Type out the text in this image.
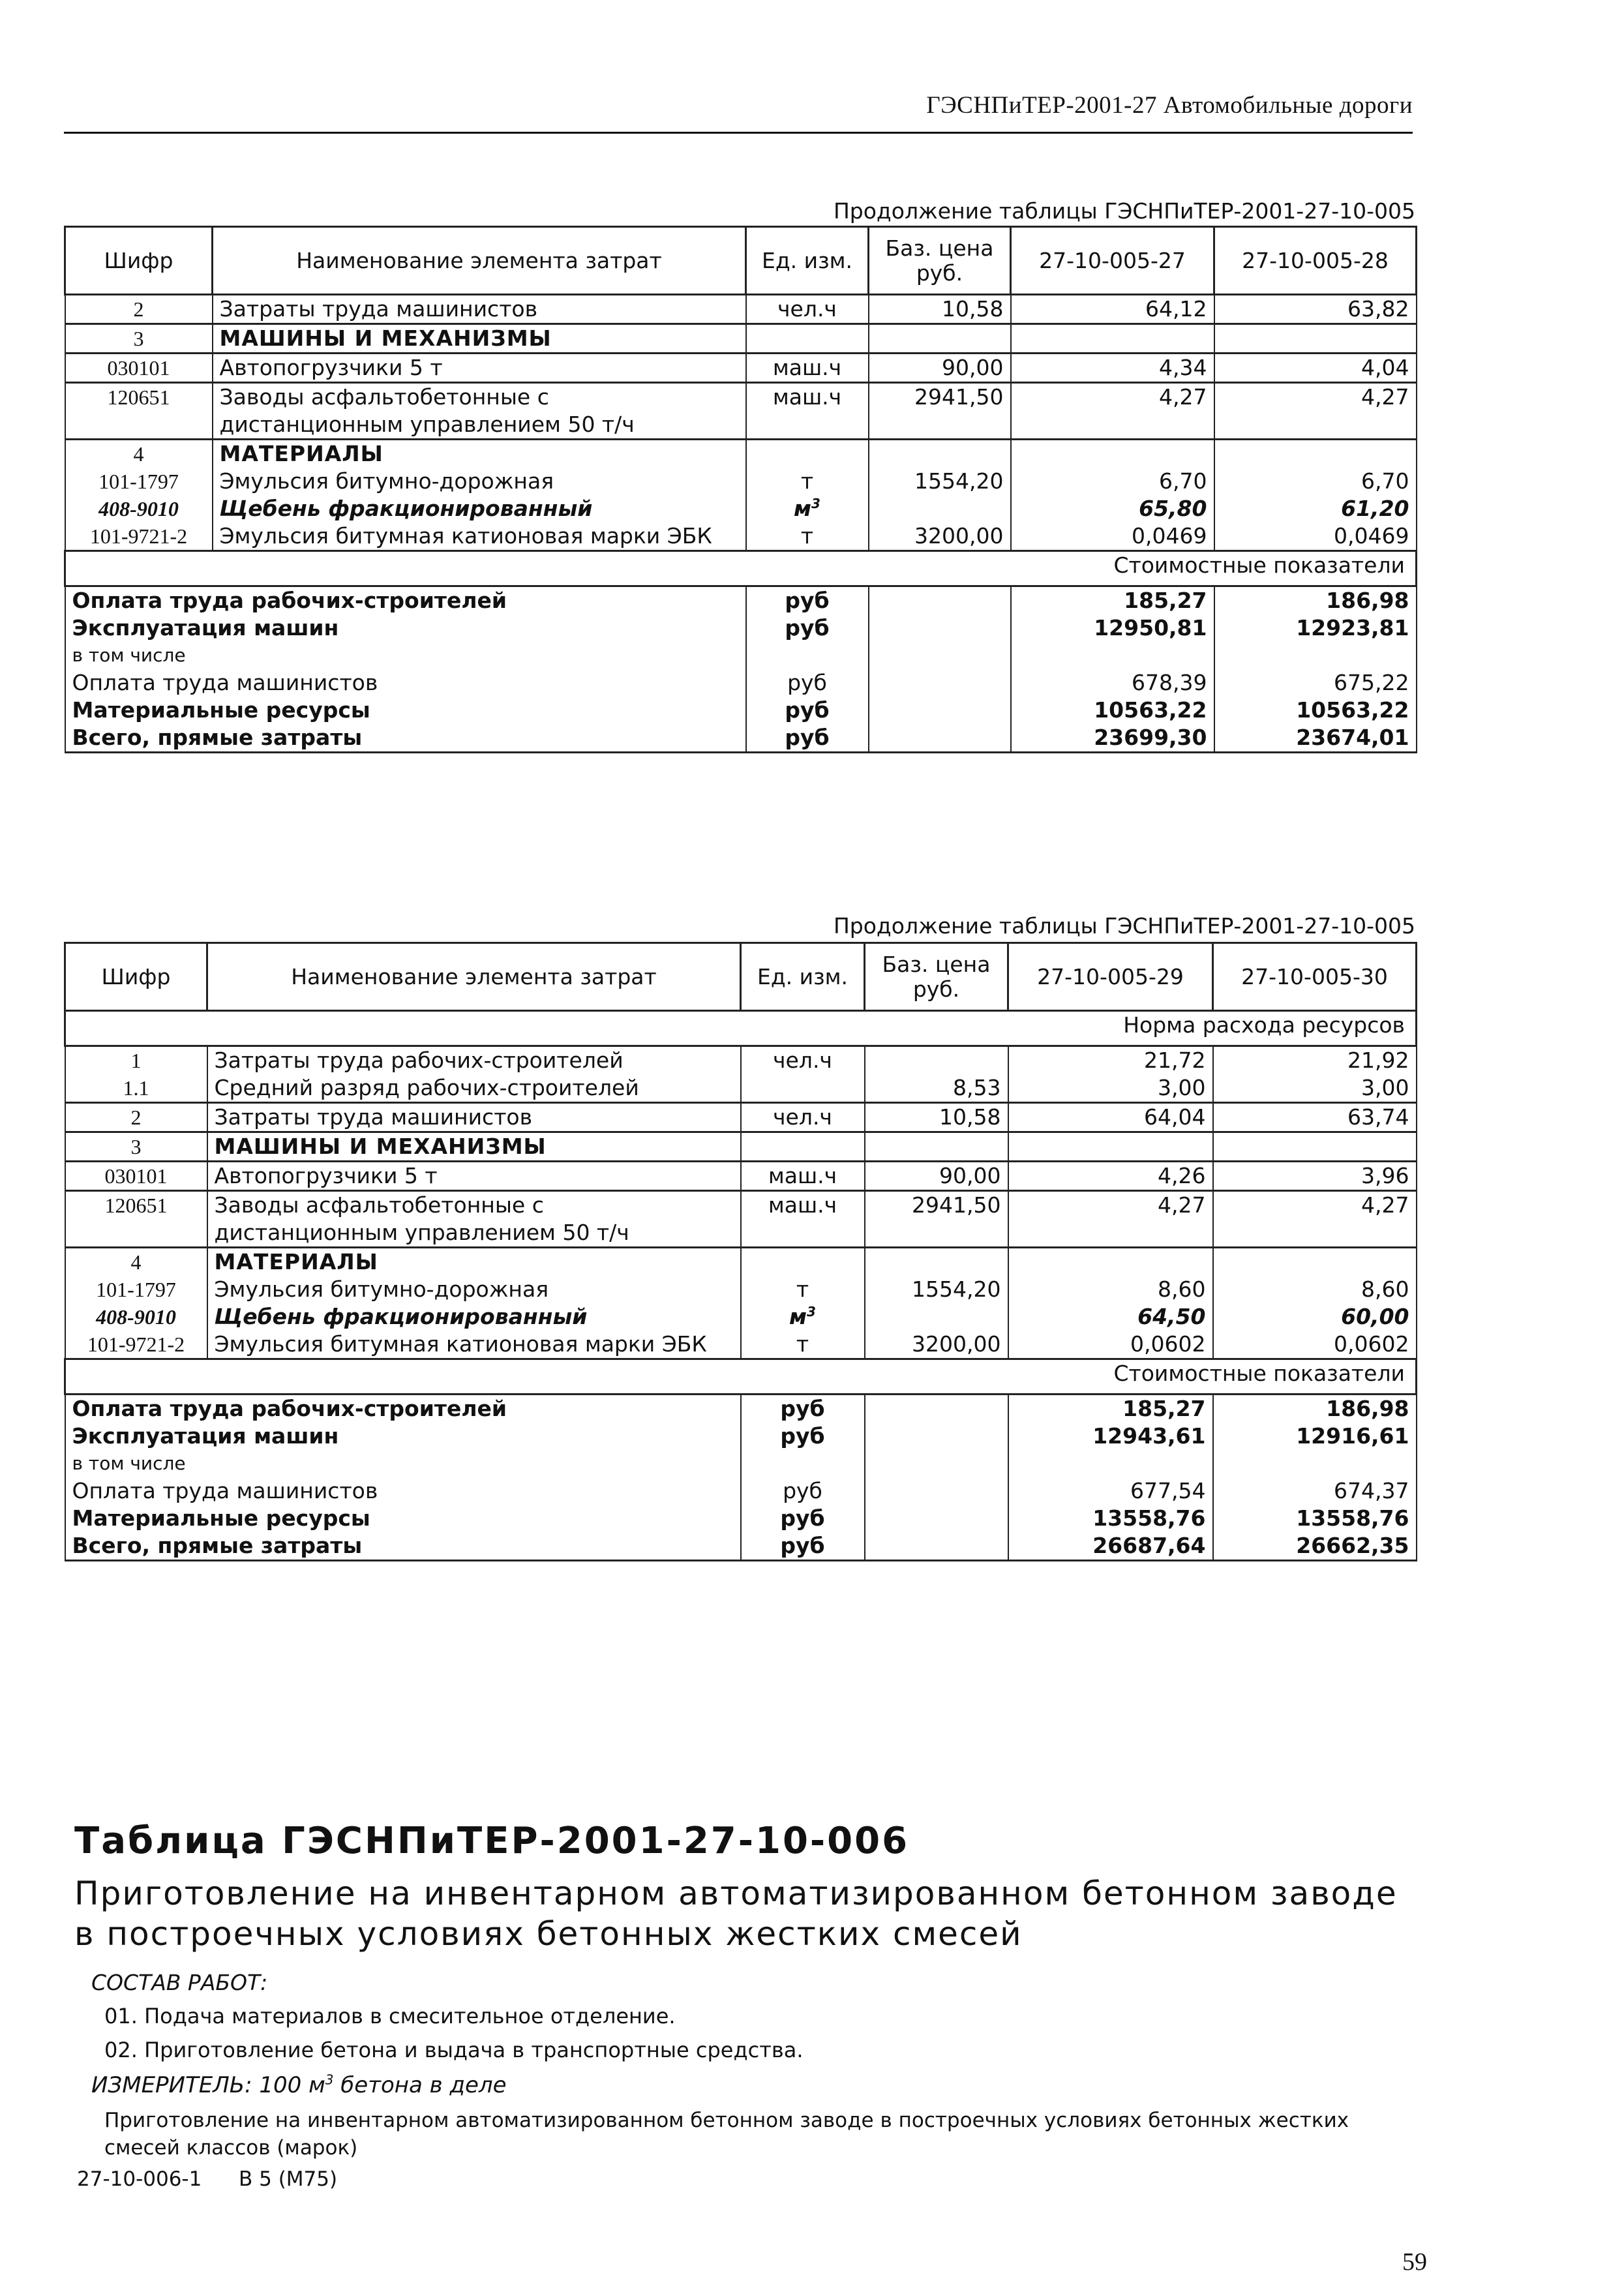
ГЭСНПиТЕР-2001-27 Автомобильные дороги
Продолжение таблицы ГЭСНПиТЕР-2001-27-10-005
Шифр	Наименование элемента затрат	Ед. изм.	Баз. цена руб.	27-10-005-27	27-10-005-28
2	Затраты труда машинистов	чел.ч	10,58	64,12	63,82
3	МАШИНЫ И МЕХАНИЗМЫ				
030101	Автопогрузчики 5 т	маш.ч	90,00	4,34	4,04
120651	Заводы асфальтобетонные с дистанционным управлением 50 т/ч	маш.ч	2941,50	4,27	4,27
4	МАТЕРИАЛЫ				
101-1797	Эмульсия битумно-дорожная	т	1554,20	6,70	6,70
408-9010	Щебень фракционированный	$м^3$		65,80	61,20
101-9721-2	Эмульсия битумная катионовая марки ЭБК	т	3200,00	0,0469	0,0469
Стоимостные показатели					
Оплата труда рабочих-строителей		руб		185,27	186,98
Эксплуатация машин		руб		12950,81	12923,81
в том числе					
Оплата труда машинистов		руб		678,39	675,22
Материальные ресурсы		руб		10563,22	10563,22
Всего, прямые затраты		руб		23699,30	23674,01
Продолжение таблицы ГЭСНПиТЕР-2001-27-10-005
Шифр	Наименование элемента затрат	Ед. изм.	Баз. цена руб.	27-10-005-29	27-10-005-30
Норма расхода ресурсов					
1	Затраты труда рабочих-строителей	чел.ч		21,72	21,92
1.1	Средний разряд рабочих-строителей		8,53	3,00	3,00
2	Затраты труда машинистов	чел.ч	10,58	64,04	63,74
3	МАШИНЫ И МЕХАНИЗМЫ				
030101	Автопогрузчики 5 т	маш.ч	90,00	4,26	3,96
120651	Заводы асфальтобетонные с дистанционным управлением 50 т/ч	маш.ч	2941,50	4,27	4,27
4	МАТЕРИАЛЫ				
101-1797	Эмульсия битумно-дорожная	т	1554,20	8,60	8,60
408-9010	Щебень фракционированный	$м^3$		64,50	60,00
101-9721-2	Эмульсия битумная катионовая марки ЭБК	т	3200,00	0,0602	0,0602
Стоимостные показатели					
Оплата труда рабочих-строителей		руб		185,27	186,98
Эксплуатация машин		руб		12943,61	12916,61
в том числе					
Оплата труда машинистов		руб		677,54	674,37
Материальные ресурсы		руб		13558,76	13558,76
Всего, прямые затраты		руб		26687,64	26662,35
Таблица ГЭСНПиТЕР-2001-27-10-006
Приготовление на инвентарном автоматизированном бетонном заводе в построечных условиях бетонных жестких смесей
СОСТАВ РАБОТ:
01. Подача материалов в смесительное отделение.
02. Приготовление бетона и выдача в транспортные средства.
ИЗМЕРИТЕЛЬ: 100 $м^3$ бетона в деле
Приготовление на инвентарном автоматизированном бетонном заводе в построечных условиях бетонных жестких смесей классов (марок)
27-10-006-1 В 5 (М75)
59
